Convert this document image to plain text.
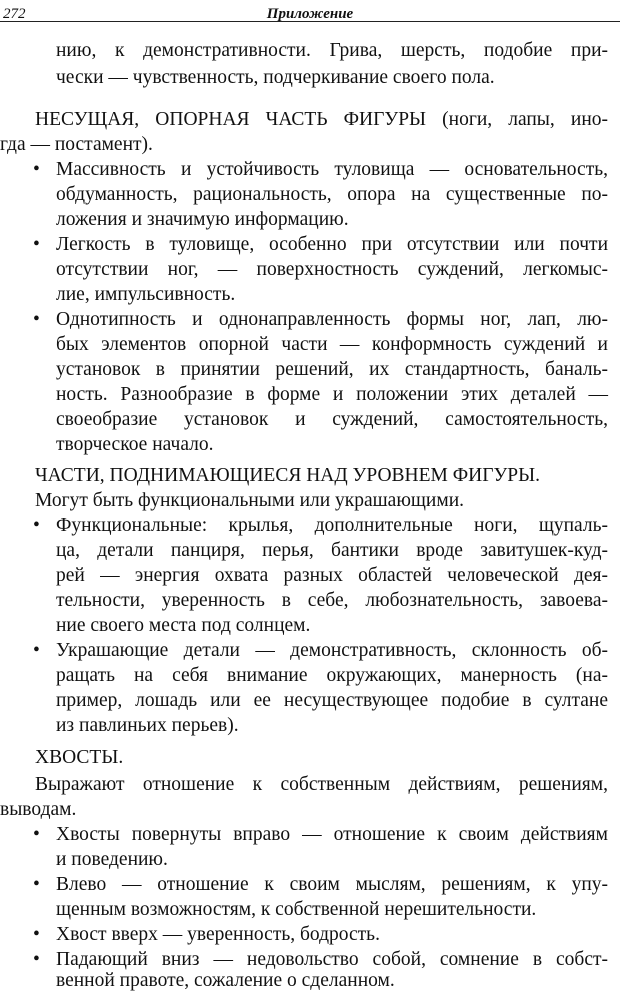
272	Приложение
нию, к демонстративности. Грива, шерсть, подобие при-
чески — чувственность, подчеркивание своего пола.
НЕСУЩАЯ, ОПОРНАЯ ЧАСТЬ ФИГУРЫ (ноги, лапы, ино-
гда — постамент).
• Массивность и устойчивость туловища — основательность,
обдуманность, рациональность, опора на существенные по-
ложения и значимую информацию.
• Легкость в туловище, особенно при отсутствии или почти
отсутствии ног, — поверхностность суждений, легкомыс-
лие, импульсивность.
• Однотипность и однонаправленность формы ног, лап, лю-
бых элементов опорной части — конформность суждений и
установок в принятии решений, их стандартность, баналь-
ность. Разнообразие в форме и положении этих деталей —
своеобразие установок и суждений, самостоятельность,
творческое начало.
ЧАСТИ, ПОДНИМАЮЩИЕСЯ НАД УРОВНЕМ ФИГУРЫ.
Могут быть функциональными или украшающими.
• Функциональные: крылья, дополнительные ноги, щупаль-
ца, детали панциря, перья, бантики вроде завитушек-куд-
рей — энергия охвата разных областей человеческой дея-
тельности, уверенность в себе, любознательность, завоева-
ние своего места под солнцем.
• Украшающие детали — демонстративность, склонность об-
ращать на себя внимание окружающих, манерность (на-
пример, лошадь или ее несуществующее подобие в султане
из павлиньих перьев).
ХВОСТЫ.
Выражают отношение к собственным действиям, решениям,
выводам.
• Хвосты повернуты вправо — отношение к своим действиям
и поведению.
• Влево — отношение к своим мыслям, решениям, к упу-
щенным возможностям, к собственной нерешительности.
• Хвост вверх — уверенность, бодрость.
• Падающий вниз — недовольство собой, сомнение в собст-
венной правоте, сожаление о сделанном.
